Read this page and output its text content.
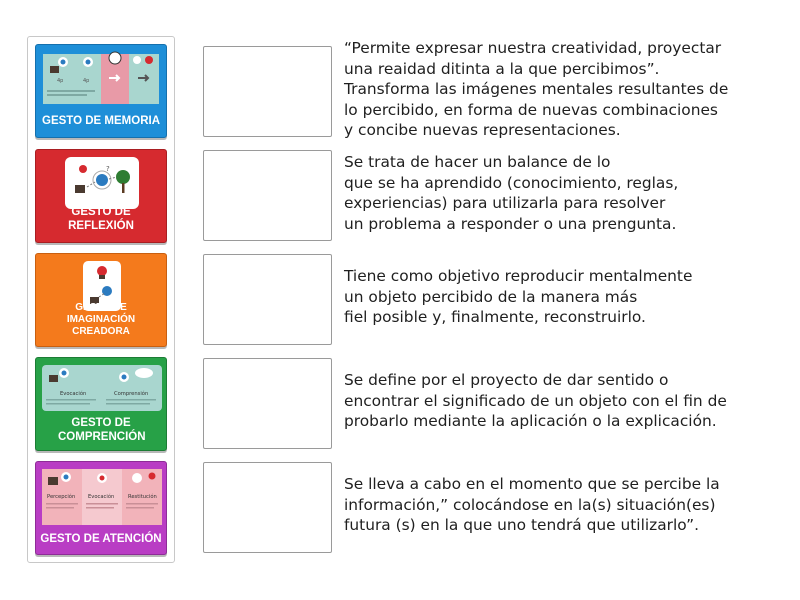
4p	4p
GESTO DE MEMORIA
?
GESTO DE REFLEXIÓN
GESTO DE IMAGINACIÓN CREADORA
Evocación	Comprensión
GESTO DE COMPRENCIÓN
Percepción Evocación	Restitución
GESTO DE ATENCIÓN
“Permite expresar nuestra creatividad, proyectar
una reaidad ditinta a la que percibimos”.
Transforma las imágenes mentales resultantes de
lo percibido, en forma de nuevas combinaciones
y concibe nuevas representaciones.
Se trata de hacer un balance de lo
que se ha aprendido (conocimiento, reglas,
experiencias) para utilizarla para resolver
un problema a responder o una prengunta.
Tiene como objetivo reproducir mentalmente
un objeto percibido de la manera más
fiel posible y, finalmente, reconstruirlo.
Se define por el proyecto de dar sentido o
encontrar el significado de un objeto con el fin de
probarlo mediante la aplicación o la explicación.
Se lleva a cabo en el momento que se percibe la
información,” colocándose en la(s) situación(es)
futura (s) en la que uno tendrá que utilizarlo”.
